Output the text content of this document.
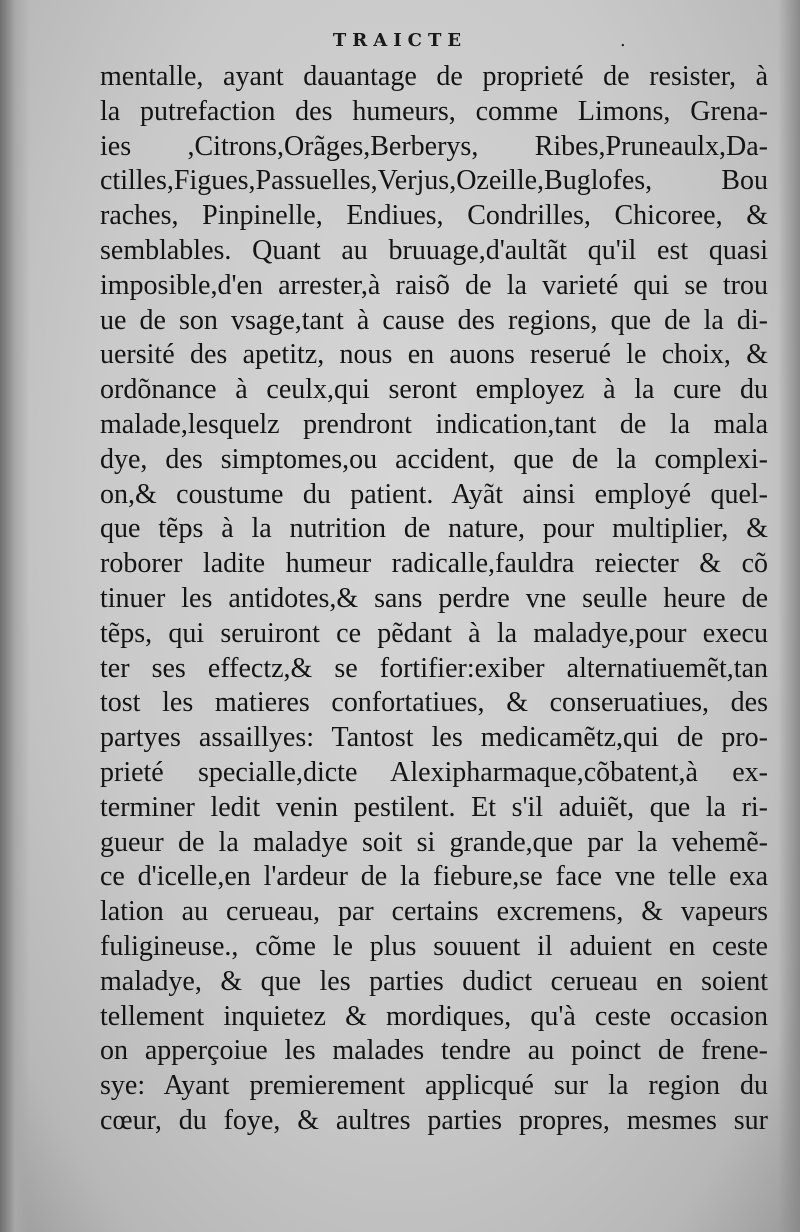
TRAICTE	.
mentalle, ayant dauantage de proprieté de resister, à
la putrefaction des humeurs, comme Limons, Grena-
ies ,Citrons,Orãges,Berberys, Ribes,Pruneaulx,Da-
ctilles,Figues,Passuelles,Verjus,Ozeille,Buglofes, Bou
raches, Pinpinelle, Endiues, Condrilles, Chicoree, &
semblables. Quant au bruuage,d'aultãt qu'il est quasi
imposible,d'en arrester,à raisõ de la varieté qui se trou
ue de son vsage,tant à cause des regions, que de la di-
uersité des apetitz, nous en auons reserué le choix, &
ordõnance à ceulx,qui seront employez à la cure du
malade,lesquelz prendront indication,tant de la mala
dye, des simptomes,ou accident, que de la complexi-
on,& coustume du patient. Ayãt ainsi employé quel-
que tẽps à la nutrition de nature, pour multiplier, &
roborer ladite humeur radicalle,fauldra reiecter & cõ
tinuer les antidotes,& sans perdre vne seulle heure de
tẽps, qui seruiront ce pẽdant à la maladye,pour execu
ter ses effectz,& se fortifier:exiber alternatiuemẽt,tan
tost les matieres confortatiues, & conseruatiues, des
partyes assaillyes: Tantost les medicamẽtz,qui de pro-
prieté specialle,dicte Alexipharmaque,cõbatent,à ex-
terminer ledit venin pestilent. Et s'il aduiẽt, que la ri-
gueur de la maladye soit si grande,que par la vehemẽ-
ce d'icelle,en l'ardeur de la fiebure,se face vne telle exa
lation au cerueau, par certains excremens, & vapeurs
fuligineuse., cõme le plus souuent il aduient en ceste
maladye, & que les parties dudict cerueau en soient
tellement inquietez & mordiques, qu'à ceste occasion
on apperçoiue les malades tendre au poinct de frene-
sye: Ayant premierement applicqué sur la region du
cœur, du foye, & aultres parties propres, mesmes sur
